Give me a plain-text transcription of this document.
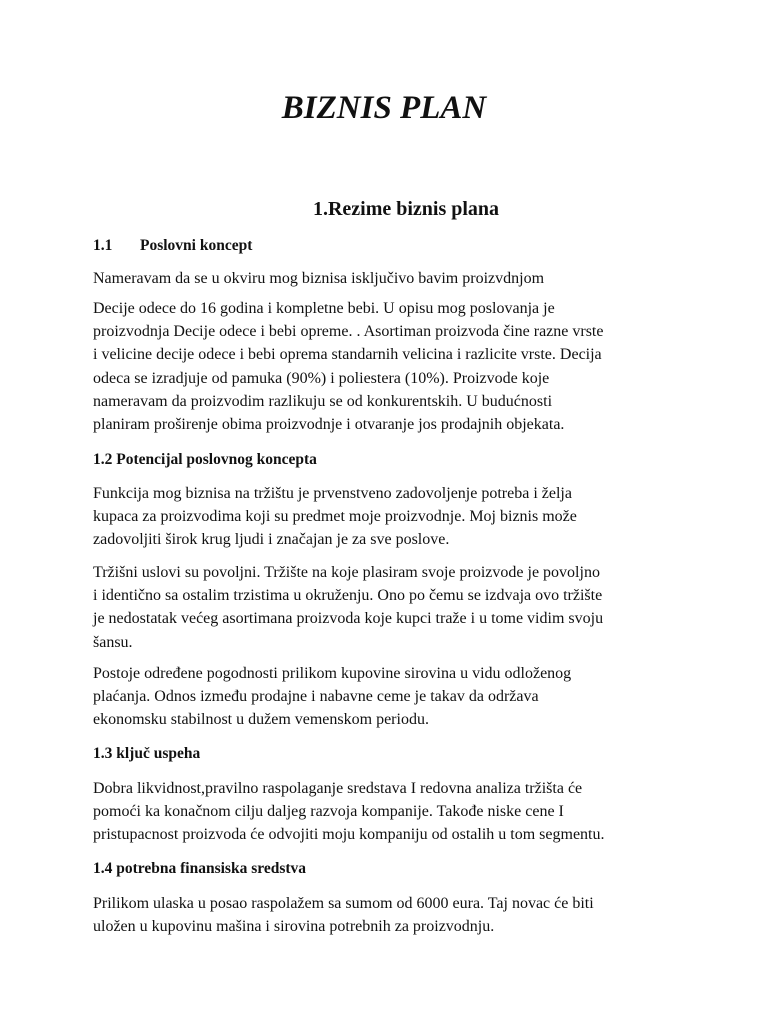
BIZNIS PLAN
1.Rezime biznis plana
1.1 Poslovni koncept

Nameravam da se u okviru mog biznisa isključivo bavim proizvdnjom

Decije odece do 16 godina i kompletne bebi. U opisu mog poslovanja je
proizvodnja Decije odece i bebi opreme. . Asortiman proizvoda čine razne vrste
i velicine decije odece i bebi oprema standarnih velicina i razlicite vrste. Decija
odeca se izradjuje od pamuka (90%) i poliestera (10%). Proizvode koje
nameravam da proizvodim razlikuju se od konkurentskih. U budućnosti
planiram proširenje obima proizvodnje i otvaranje jos prodajnih objekata.

1.2 Potencijal poslovnog koncepta

Funkcija mog biznisa na tržištu je prvenstveno zadovoljenje potreba i želja
kupaca za proizvodima koji su predmet moje proizvodnje. Moj biznis može
zadovoljiti širok krug ljudi i značajan je za sve poslove.

Tržišni uslovi su povoljni. Tržište na koje plasiram svoje proizvode je povoljno
i identično sa ostalim trzistima u okruženju. Ono po čemu se izdvaja ovo tržište
je nedostatak većeg asortimana proizvoda koje kupci traže i u tome vidim svoju
šansu.

Postoje određene pogodnosti prilikom kupovine sirovina u vidu odloženog
plaćanja. Odnos između prodajne i nabavne ceme je takav da održava
ekonomsku stabilnost u dužem vemenskom periodu.

1.3 ključ uspeha

Dobra likvidnost,pravilno raspolaganje sredstava I redovna analiza tržišta će
pomoći ka konačnom cilju daljeg razvoja kompanije. Takođe niske cene I
pristupacnost proizvoda će odvojiti moju kompaniju od ostalih u tom segmentu.

1.4 potrebna finansiska sredstva

Prilikom ulaska u posao raspolažem sa sumom od 6000 eura. Taj novac će biti
uložen u kupovinu mašina i sirovina potrebnih za proizvodnju.
